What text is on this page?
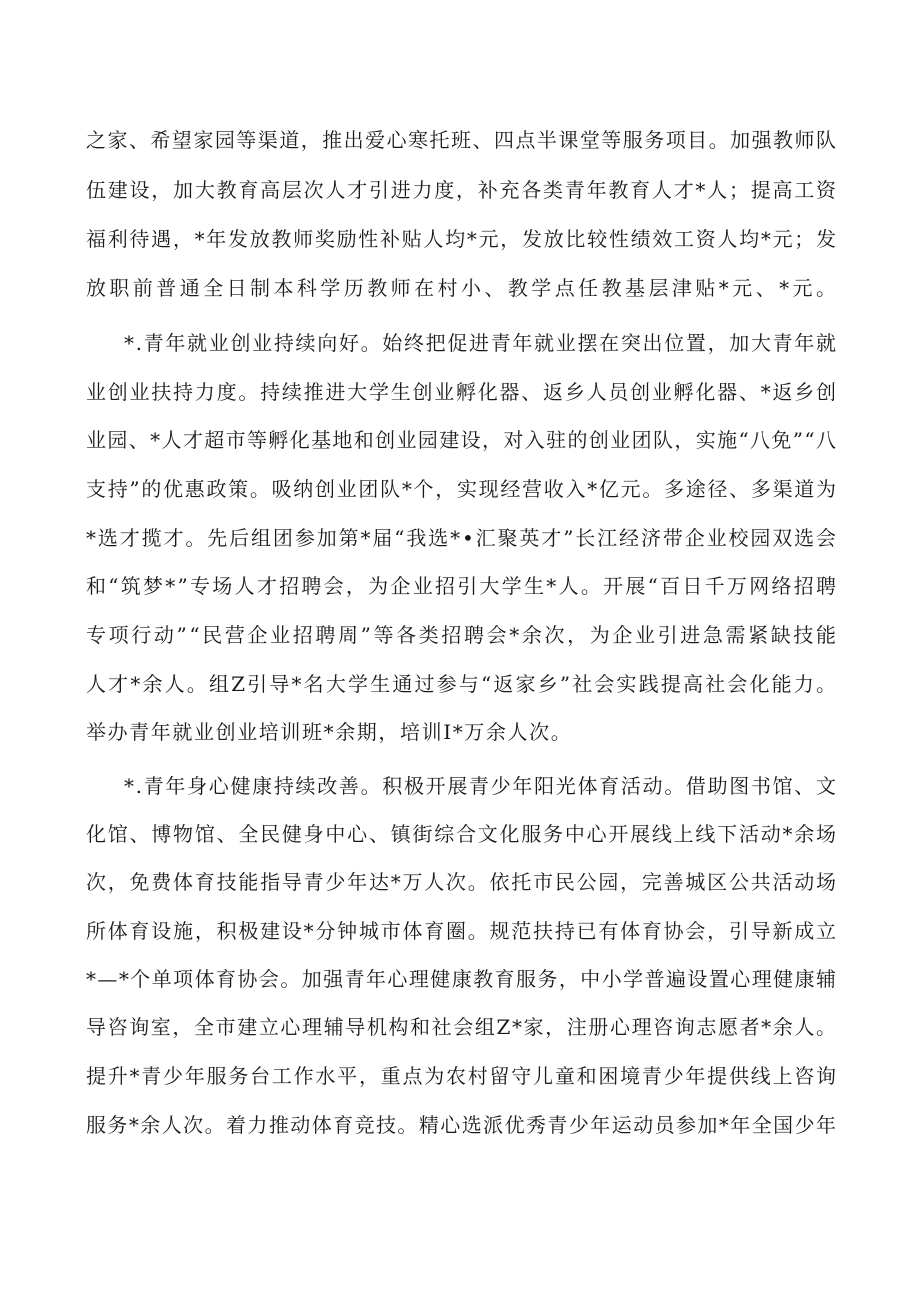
之家、希望家园等渠道，推出爱心寒托班、四点半课堂等服务项目。加强教师队
伍建设，加大教育高层次人才引进力度，补充各类青年教育人才*人；提高工资
福利待遇，*年发放教师奖励性补贴人均*元，发放比较性绩效工资人均*元；发
放职前普通全日制本科学历教师在村小、教学点任教基层津贴*元、*元。
*.青年就业创业持续向好。始终把促进青年就业摆在突出位置，加大青年就
业创业扶持力度。持续推进大学生创业孵化器、返乡人员创业孵化器、*返乡创
业园、*人才超市等孵化基地和创业园建设，对入驻的创业团队，实施“八免”“八
支持”的优惠政策。吸纳创业团队*个，实现经营收入*亿元。多途径、多渠道为
*选才揽才。先后组团参加第*届“我选*•汇聚英才”长江经济带企业校园双选会
和“筑梦*”专场人才招聘会，为企业招引大学生*人。开展“百日千万网络招聘
专项行动”“民营企业招聘周”等各类招聘会*余次，为企业引进急需紧缺技能
人才*余人。组Z引导*名大学生通过参与“返家乡”社会实践提高社会化能力。
举办青年就业创业培训班*余期，培训I*万余人次。
*.青年身心健康持续改善。积极开展青少年阳光体育活动。借助图书馆、文
化馆、博物馆、全民健身中心、镇街综合文化服务中心开展线上线下活动*余场
次，免费体育技能指导青少年达*万人次。依托市民公园，完善城区公共活动场
所体育设施，积极建设*分钟城市体育圈。规范扶持已有体育协会，引导新成立
*—*个单项体育协会。加强青年心理健康教育服务，中小学普遍设置心理健康辅
导咨询室，全市建立心理辅导机构和社会组Z*家，注册心理咨询志愿者*余人。
提升*青少年服务台工作水平，重点为农村留守儿童和困境青少年提供线上咨询
服务*余人次。着力推动体育竞技。精心选派优秀青少年运动员参加*年全国少年
